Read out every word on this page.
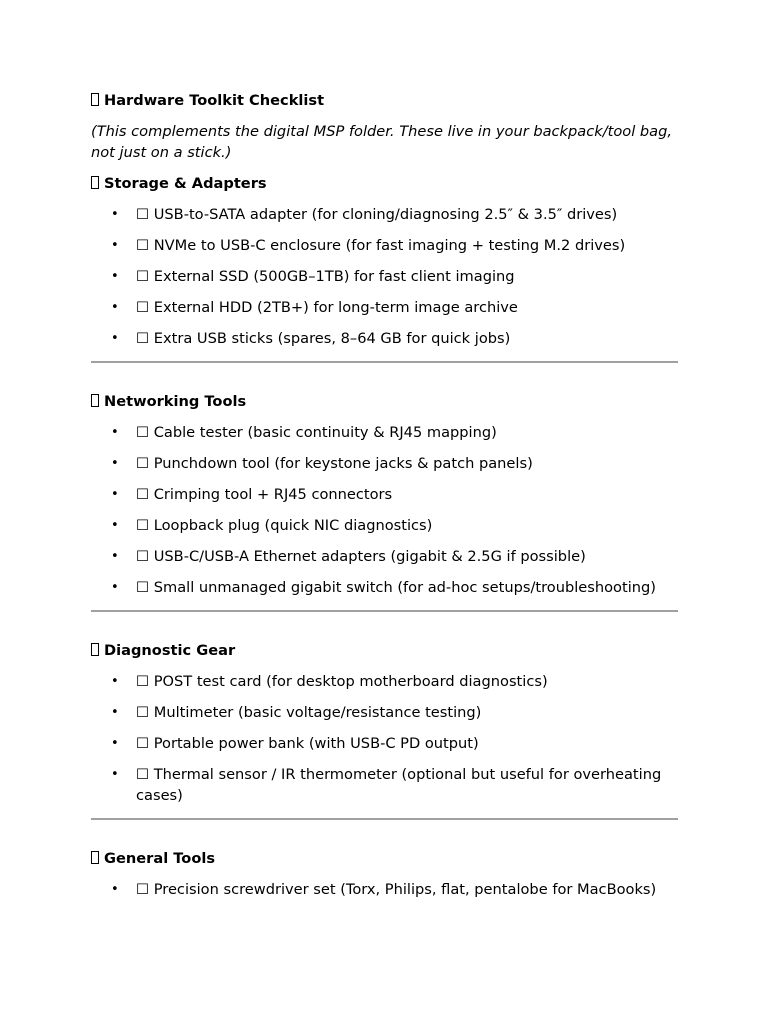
Hardware Toolkit Checklist

(This complements the digital MSP folder. These live in your backpack/tool bag, not just on a stick.)

Storage & Adapters
• ☐ USB-to-SATA adapter (for cloning/diagnosing 2.5″ & 3.5″ drives)
• ☐ NVMe to USB-C enclosure (for fast imaging + testing M.2 drives)
• ☐ External SSD (500GB–1TB) for fast client imaging
• ☐ External HDD (2TB+) for long-term image archive
• ☐ Extra USB sticks (spares, 8–64 GB for quick jobs)
Networking Tools
• ☐ Cable tester (basic continuity & RJ45 mapping)
• ☐ Punchdown tool (for keystone jacks & patch panels)
• ☐ Crimping tool + RJ45 connectors
• ☐ Loopback plug (quick NIC diagnostics)
• ☐ USB-C/USB-A Ethernet adapters (gigabit & 2.5G if possible)
• ☐ Small unmanaged gigabit switch (for ad-hoc setups/troubleshooting)
Diagnostic Gear
• ☐ POST test card (for desktop motherboard diagnostics)
• ☐ Multimeter (basic voltage/resistance testing)
• ☐ Portable power bank (with USB-C PD output)
• ☐ Thermal sensor / IR thermometer (optional but useful for overheating cases)
General Tools
• ☐ Precision screwdriver set (Torx, Philips, flat, pentalobe for MacBooks)
